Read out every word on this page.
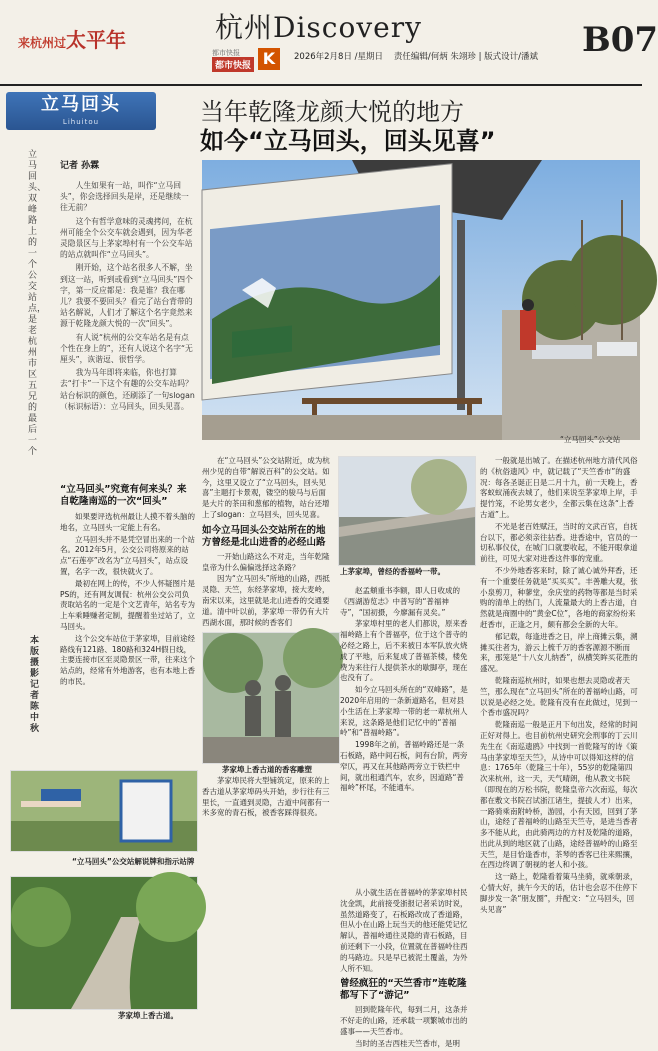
来杭州过太平年	杭州Discovery
都市快报
都市快报 K	2026年2月8日 /星期日 责任编辑/何炳 朱翊珍 | 版式设计/潘斌 B07
立马回头
Lihuitou	当年乾隆龙颜大悦的地方
如今“立马回头，回头见喜”
立马回头、双峰路上的一个公交站点，是老杭州市区五兄的最后一个
本版摄影 记者 陈中秋
记者 孙霖

人生如果有一站，叫作“立马回头”，你会选择回头是岸，还是继续一往无前？

这个有哲学意味的灵魂拷问，在杭州可能全个公交车就会遇到，因为华老灵隐景区与上茅家埠村有一个公交车站的站点就叫作“立马回头”。

刚开始，这个站名很多人不解，坐到这一站，听到或看到“立马回头”四个字，第一反应都是：我是谁？我在哪儿？我要不要回头？看完了站台背带的站名解说，人们才了解这个名字竟然来源于乾隆龙颜大悦的一次“回头”。

有人说“杭州的公交车站名是有点个性在身上的”，还有人说这个名字“无厘头”，诙谐逗、很哲学。

我为马年即将来临，你也打算去“打卡”一下这个有趣的公交车站吗？站台标识的颜色，还刷添了一句slogan（标识标语）：立马回头，回头见喜。

“立马回头”公交站
“立马回头”究竟有何来头？来自乾隆南巡的一次“回头”

如果要评选杭州最让人摸不着头脑的地名，立马回头一定能上有名。

立马回头并不是凭空冒出来的一个站名。2012年5月，公交公司将原来的站点“石莲亭”改名为“立马回头”，站点设置，名字一改，很快就火了。

最初在网上的传，不少人怀疑图片是PS的，还有网友调侃：杭州公交公司负责取站名的一定是个文艺青年，站名专为上车乘睡赚者定制，提醒着坐过站了，立马回头。

这个公交车站位于茅家埠，目前途经路线有121路、180路和324H假日线，主要连接市区至灵隐景区一带，往来这个站点的，经常有外地游客，也有本地上香的市民。

“立马回头”公交站解说牌和指示站牌
茅家埠上香古道。

在“立马回头”公交站附近，成为杭州少见的自带“解说百科”的公交站。如今，这里又设立了“立马回头，回头见喜”主题打卡景观，镂空的骏马与后面是大片的茶田和葱郁的植物，站台还增上了slogan：立马回头，回头见喜。

如今立马回头公交站所在的地方曾经是北山进香的必经山路

一开始山路这么不对走，当年乾隆皇帝为什么偏偏选择这条路？

因为“立马回头”所地的山路，西抵灵隐、天竺，东经茅家埠，接大麦岭，南宋以来，这里就是北山进香的交通要道。清中叶以前，茅家埠一带仍有大片西湖水面，那时候的香客们

上茅家埠，曾经的香福岭一带。
茅家埠上香古道的香客雕塑

赵孟頫重书李额，即人日收成的《西湖游览志》中普写的“普福神寺”，“国初摄，今廖漏有灵矣。”

茅家埠村里的老人们都说，原来香福岭路上有个普福亭，位于这个普寺的必经之路上，后不来被日本军队放火烧成了平地，后来复成了普福茶楼，楼免费为来往行人提供茶水的歇脚亭，现在也没有了。

如今立马回头所在的“双峰路”，是2020年启用的一条新道路名，但对县小生活在上茅家埠一带的老一辈杭州人来说，这条路是他们记忆中的“普福岭”和“普福岭路”。

1998年之前，普福岭路还是一条石板路，路中间石板，间有台阶，两旁窄仄，再又在其他路两旁立于铁栏中间，就出租通汽车，农乡，因道路“普福岭”杯尾，不能通车。

茅家埠民将大型铺筑定，原来的上香古道从茅家埠码头开始，步行往有三里长，一直通到灵隐，古道中间都有一米多宽的青石板，被香客踩得很亮。

从小就生活在普福岭的茅家埠村民沈金凯，此前接受浙报记者采访时说，虽然道路变了，石板路改成了香道路，但从小在山路上玩当天的他还能凭记忆解认，普福岭通往灵隐的青石板路，目前还剩下一小段，位置就在普福岭往西的马路边。只是早已被泥土覆盖，为外人所不知。

曾经疯狂的“天竺香市”连乾隆都写下了“游记”

回到乾隆年代，每到二月，这条并不好走的山路，还承载一项繁城市出的盛事——天竺香市。

当时的圣吉西桂天竺香市，是明

一般就是出城了。在描述杭州地方清代风俗的《杭俗遗风》中，就记载了“天竺香市”的盛况：每各圣诞正日是二月十九，前一天晚上，香客蚁蚁涌夜去城了，他们来说至茅家埠上岸，手提竹笼，不论男女老少，全都云集在这条“上香古道”上。

不光是老百姓赋汪，当时的文武百官，自抚台以下，都必须亲往拈香。进香途中，官员的一切私事仪仗，在城门口就要收起，不能开眼拿道前往，可见大家对进香这件事的宠重。

不少外地香客来时，除了诚心诚外拜香，还有一个重要任务就是“买买买”。丰善雕大观，张小泉剪刀，种蓼堂，余庆堂的药物等都是当时采购的清单上的热门，人流量最大的上香古道，自然就是商圈中的“黄金C位”，各地的商家纷纷来赶香市，正逢之月，颇有都会全新的大年。

郁记载，每逢进香之日，岸上商摊云集，溯摊买往者为，游云上梳千万的香客源源不断而来，那笼是“十八女儿纳香”，纵横笑眸买花胜的盛况。

乾隆南巡杭州时，如果也想去灵隐或者天竺，那么现在“立马回头”所在的普福岭山路，可以说是必经之处。乾隆有没有在此做过，见到一个香市盛况吗？

乾隆南巡一般是正月下旬出发，经常的时间正好对得上。也目前杭州史研究会刑事的丁云川先生在《南巡遗鸥》中找到一首乾隆写的诗《策马由茅家埠至天竺》，从诗中可以得知这样的信息：1765年（乾隆三十年），55岁的乾隆第四次来杭州，这一天，天气晴朗，他从教文书院（即现在的万松书院，乾隆皇帝六次南巡，每次都在敷文书院召试浙江诸生，提拔人才）出来，一路骑乘南附岭桥，游园，小有天园，回到了茅山，途经了普福岭的山路至天竺寺，是进当香者多不能从此，由此骑两边的方村及乾隆的道路，出此从到的地区就了山路，途经普福岭的山路至天竺，是目恰逢香市，茶琴的香客已往来熙攘，在西边终调了朝视的老人和小孩。

这一路上，乾隆看着策马坐骑，就乘朝录，心情大好，挑午今天的话，估计也会忍不住停下脚步发一条“朋友圈”，并配文：“立马回头，回头见喜”
